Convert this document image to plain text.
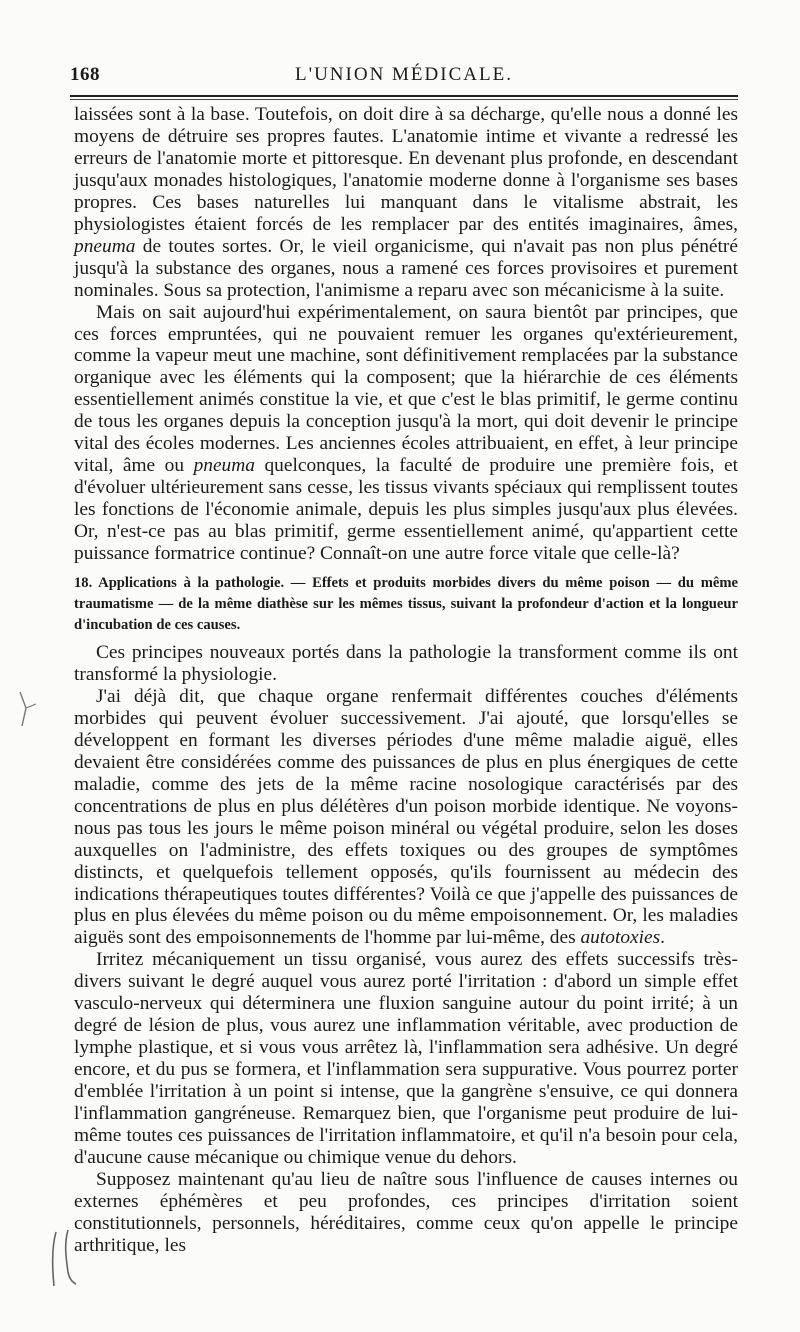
168	L'UNION MÉDICALE.

laissées sont à la base. Toutefois, on doit dire à sa décharge, qu'elle nous a donné les moyens de détruire ses propres fautes. L'anatomie intime et vivante a redressé les erreurs de l'anatomie morte et pittoresque. En devenant plus profonde, en descendant jusqu'aux monades histologiques, l'anatomie moderne donne à l'organisme ses bases propres. Ces bases naturelles lui manquant dans le vitalisme abstrait, les physiologistes étaient forcés de les remplacer par des entités imaginaires, âmes, pneuma de toutes sortes. Or, le vieil organicisme, qui n'avait pas non plus pénétré jusqu'à la substance des organes, nous a ramené ces forces provisoires et purement nominales. Sous sa protection, l'animisme a reparu avec son mécanicisme à la suite.

Mais on sait aujourd'hui expérimentalement, on saura bientôt par principes, que ces forces empruntées, qui ne pouvaient remuer les organes qu'extérieurement, comme la vapeur meut une machine, sont définitivement remplacées par la substance organique avec les éléments qui la composent; que la hiérarchie de ces éléments essentiellement animés constitue la vie, et que c'est le blas primitif, le germe continu de tous les organes depuis la conception jusqu'à la mort, qui doit devenir le principe vital des écoles modernes. Les anciennes écoles attribuaient, en effet, à leur principe vital, âme ou pneuma quelconques, la faculté de produire une première fois, et d'évoluer ultérieurement sans cesse, les tissus vivants spéciaux qui remplissent toutes les fonctions de l'économie animale, depuis les plus simples jusqu'aux plus élevées. Or, n'est-ce pas au blas primitif, germe essentiellement animé, qu'appartient cette puissance formatrice continue? Connaît-on une autre force vitale que celle-là?

18. Applications à la pathologie. — Effets et produits morbides divers du même poison — du même traumatisme — de la même diathèse sur les mêmes tissus, suivant la profondeur d'action et la longueur d'incubation de ces causes.

Ces principes nouveaux portés dans la pathologie la transforment comme ils ont transformé la physiologie.

J'ai déjà dit, que chaque organe renfermait différentes couches d'éléments morbides qui peuvent évoluer successivement. J'ai ajouté, que lorsqu'elles se développent en formant les diverses périodes d'une même maladie aiguë, elles devaient être considérées comme des puissances de plus en plus énergiques de cette maladie, comme des jets de la même racine nosologique caractérisés par des concentrations de plus en plus délétères d'un poison morbide identique. Ne voyons-nous pas tous les jours le même poison minéral ou végétal produire, selon les doses auxquelles on l'administre, des effets toxiques ou des groupes de symptômes distincts, et quelquefois tellement opposés, qu'ils fournissent au médecin des indications thérapeutiques toutes différentes? Voilà ce que j'appelle des puissances de plus en plus élevées du même poison ou du même empoisonnement. Or, les maladies aiguës sont des empoisonnements de l'homme par lui-même, des autotoxies.

Irritez mécaniquement un tissu organisé, vous aurez des effets successifs très-divers suivant le degré auquel vous aurez porté l'irritation : d'abord un simple effet vasculo-nerveux qui déterminera une fluxion sanguine autour du point irrité; à un degré de lésion de plus, vous aurez une inflammation véritable, avec production de lymphe plastique, et si vous vous arrêtez là, l'inflammation sera adhésive. Un degré encore, et du pus se formera, et l'inflammation sera suppurative. Vous pourrez porter d'emblée l'irritation à un point si intense, que la gangrène s'ensuive, ce qui donnera l'inflammation gangréneuse. Remarquez bien, que l'organisme peut produire de lui-même toutes ces puissances de l'irritation inflammatoire, et qu'il n'a besoin pour cela, d'aucune cause mécanique ou chimique venue du dehors.

Supposez maintenant qu'au lieu de naître sous l'influence de causes internes ou externes éphémères et peu profondes, ces principes d'irritation soient constitutionnels, personnels, héréditaires, comme ceux qu'on appelle le principe arthritique, les
